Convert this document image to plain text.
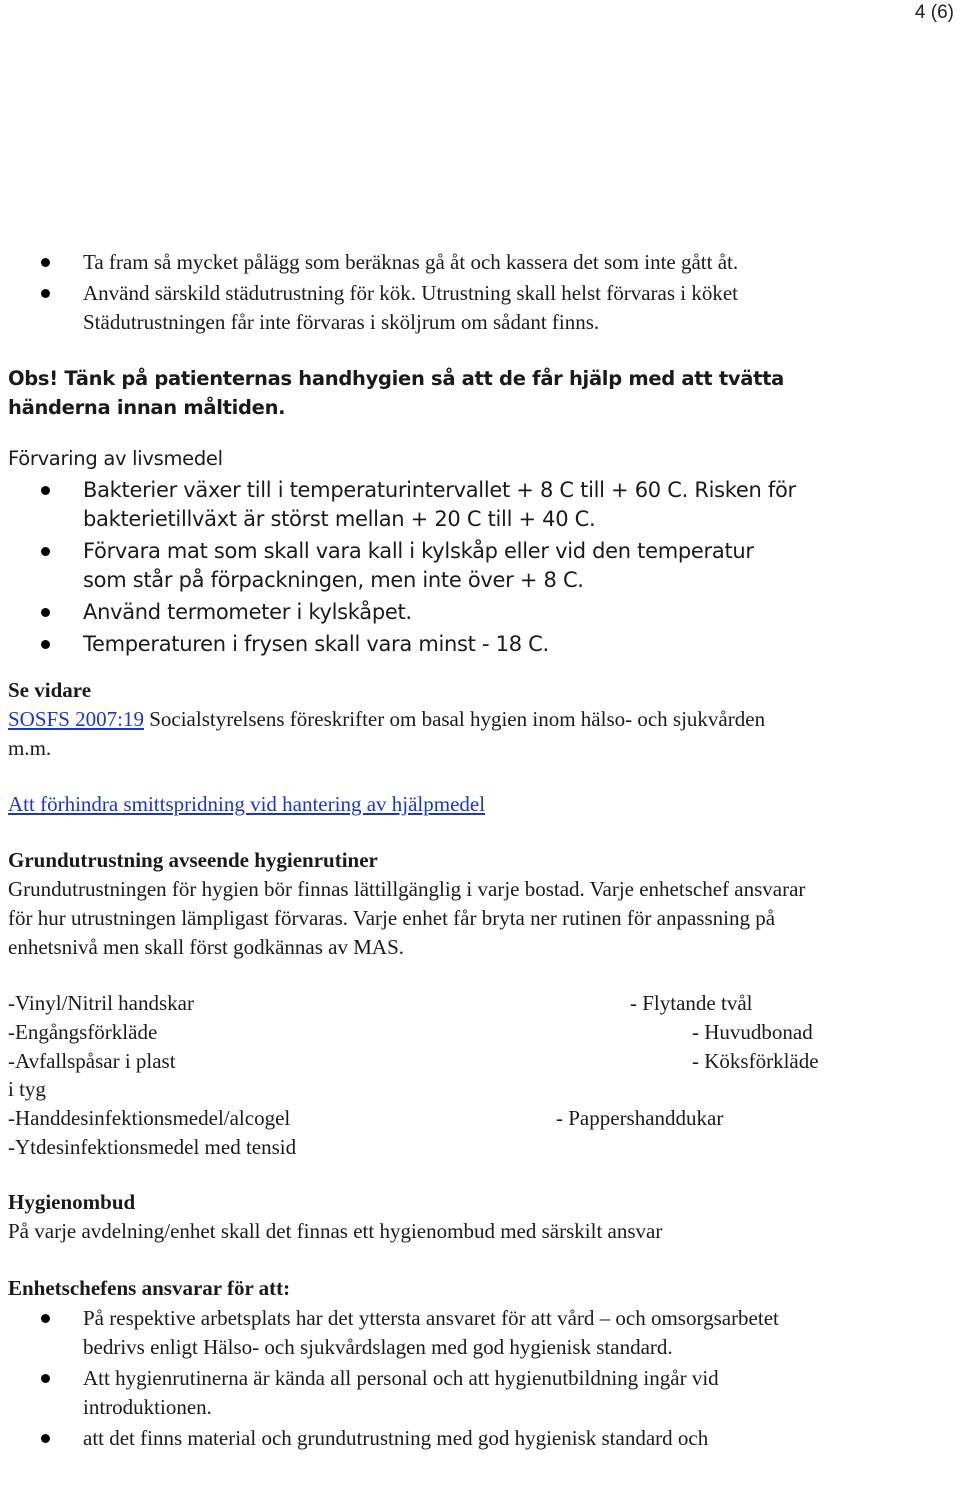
4 (6)
Ta fram så mycket pålägg som beräknas gå åt och kassera det som inte gått åt.
Använd särskild städutrustning för kök. Utrustning skall helst förvaras i köket Städutrustningen får inte förvaras i sköljrum om sådant finns.
Obs! Tänk på patienternas handhygien så att de får hjälp med att tvätta händerna innan måltiden.
Förvaring av livsmedel
Bakterier växer till i temperaturintervallet + 8 C till + 60 C. Risken för bakterietillväxt är störst mellan + 20 C till + 40 C.
Förvara mat som skall vara kall i kylskåp eller vid den temperatur som står på förpackningen, men inte över + 8 C.
Använd termometer i kylskåpet.
Temperaturen i frysen skall vara minst - 18 C.
Se vidare
SOSFS 2007:19 Socialstyrelsens föreskrifter om basal hygien inom hälso- och sjukvården m.m.
Att förhindra smittspridning vid hantering av hjälpmedel
Grundutrustning avseende hygienrutiner
Grundutrustningen för hygien bör finnas lättillgänglig i varje bostad. Varje enhetschef ansvarar för hur utrustningen lämpligast förvaras. Varje enhet får bryta ner rutinen för anpassning på enhetsnivå men skall först godkännas av MAS.
-Vinyl/Nitril handskar
-Engångsförkläde
-Avfallspåsar i plast
i tyg
-Handdesinfektionsmedel/alcogel
-Ytdesinfektionsmedel med tensid
- Flytande tvål
- Huvudbonad
- Köksförkläde
- Pappershanddukar
Hygienombud
På varje avdelning/enhet skall det finnas ett hygienombud med särskilt ansvar
Enhetschefens ansvarar för att:
På respektive arbetsplats har det yttersta ansvaret för att vård – och omsorgsarbetet bedrivs enligt Hälso- och sjukvårdslagen med god hygienisk standard.
Att hygienrutinerna är kända all personal och att hygienutbildning ingår vid introduktionen.
att det finns material och grundutrustning med god hygienisk standard och
